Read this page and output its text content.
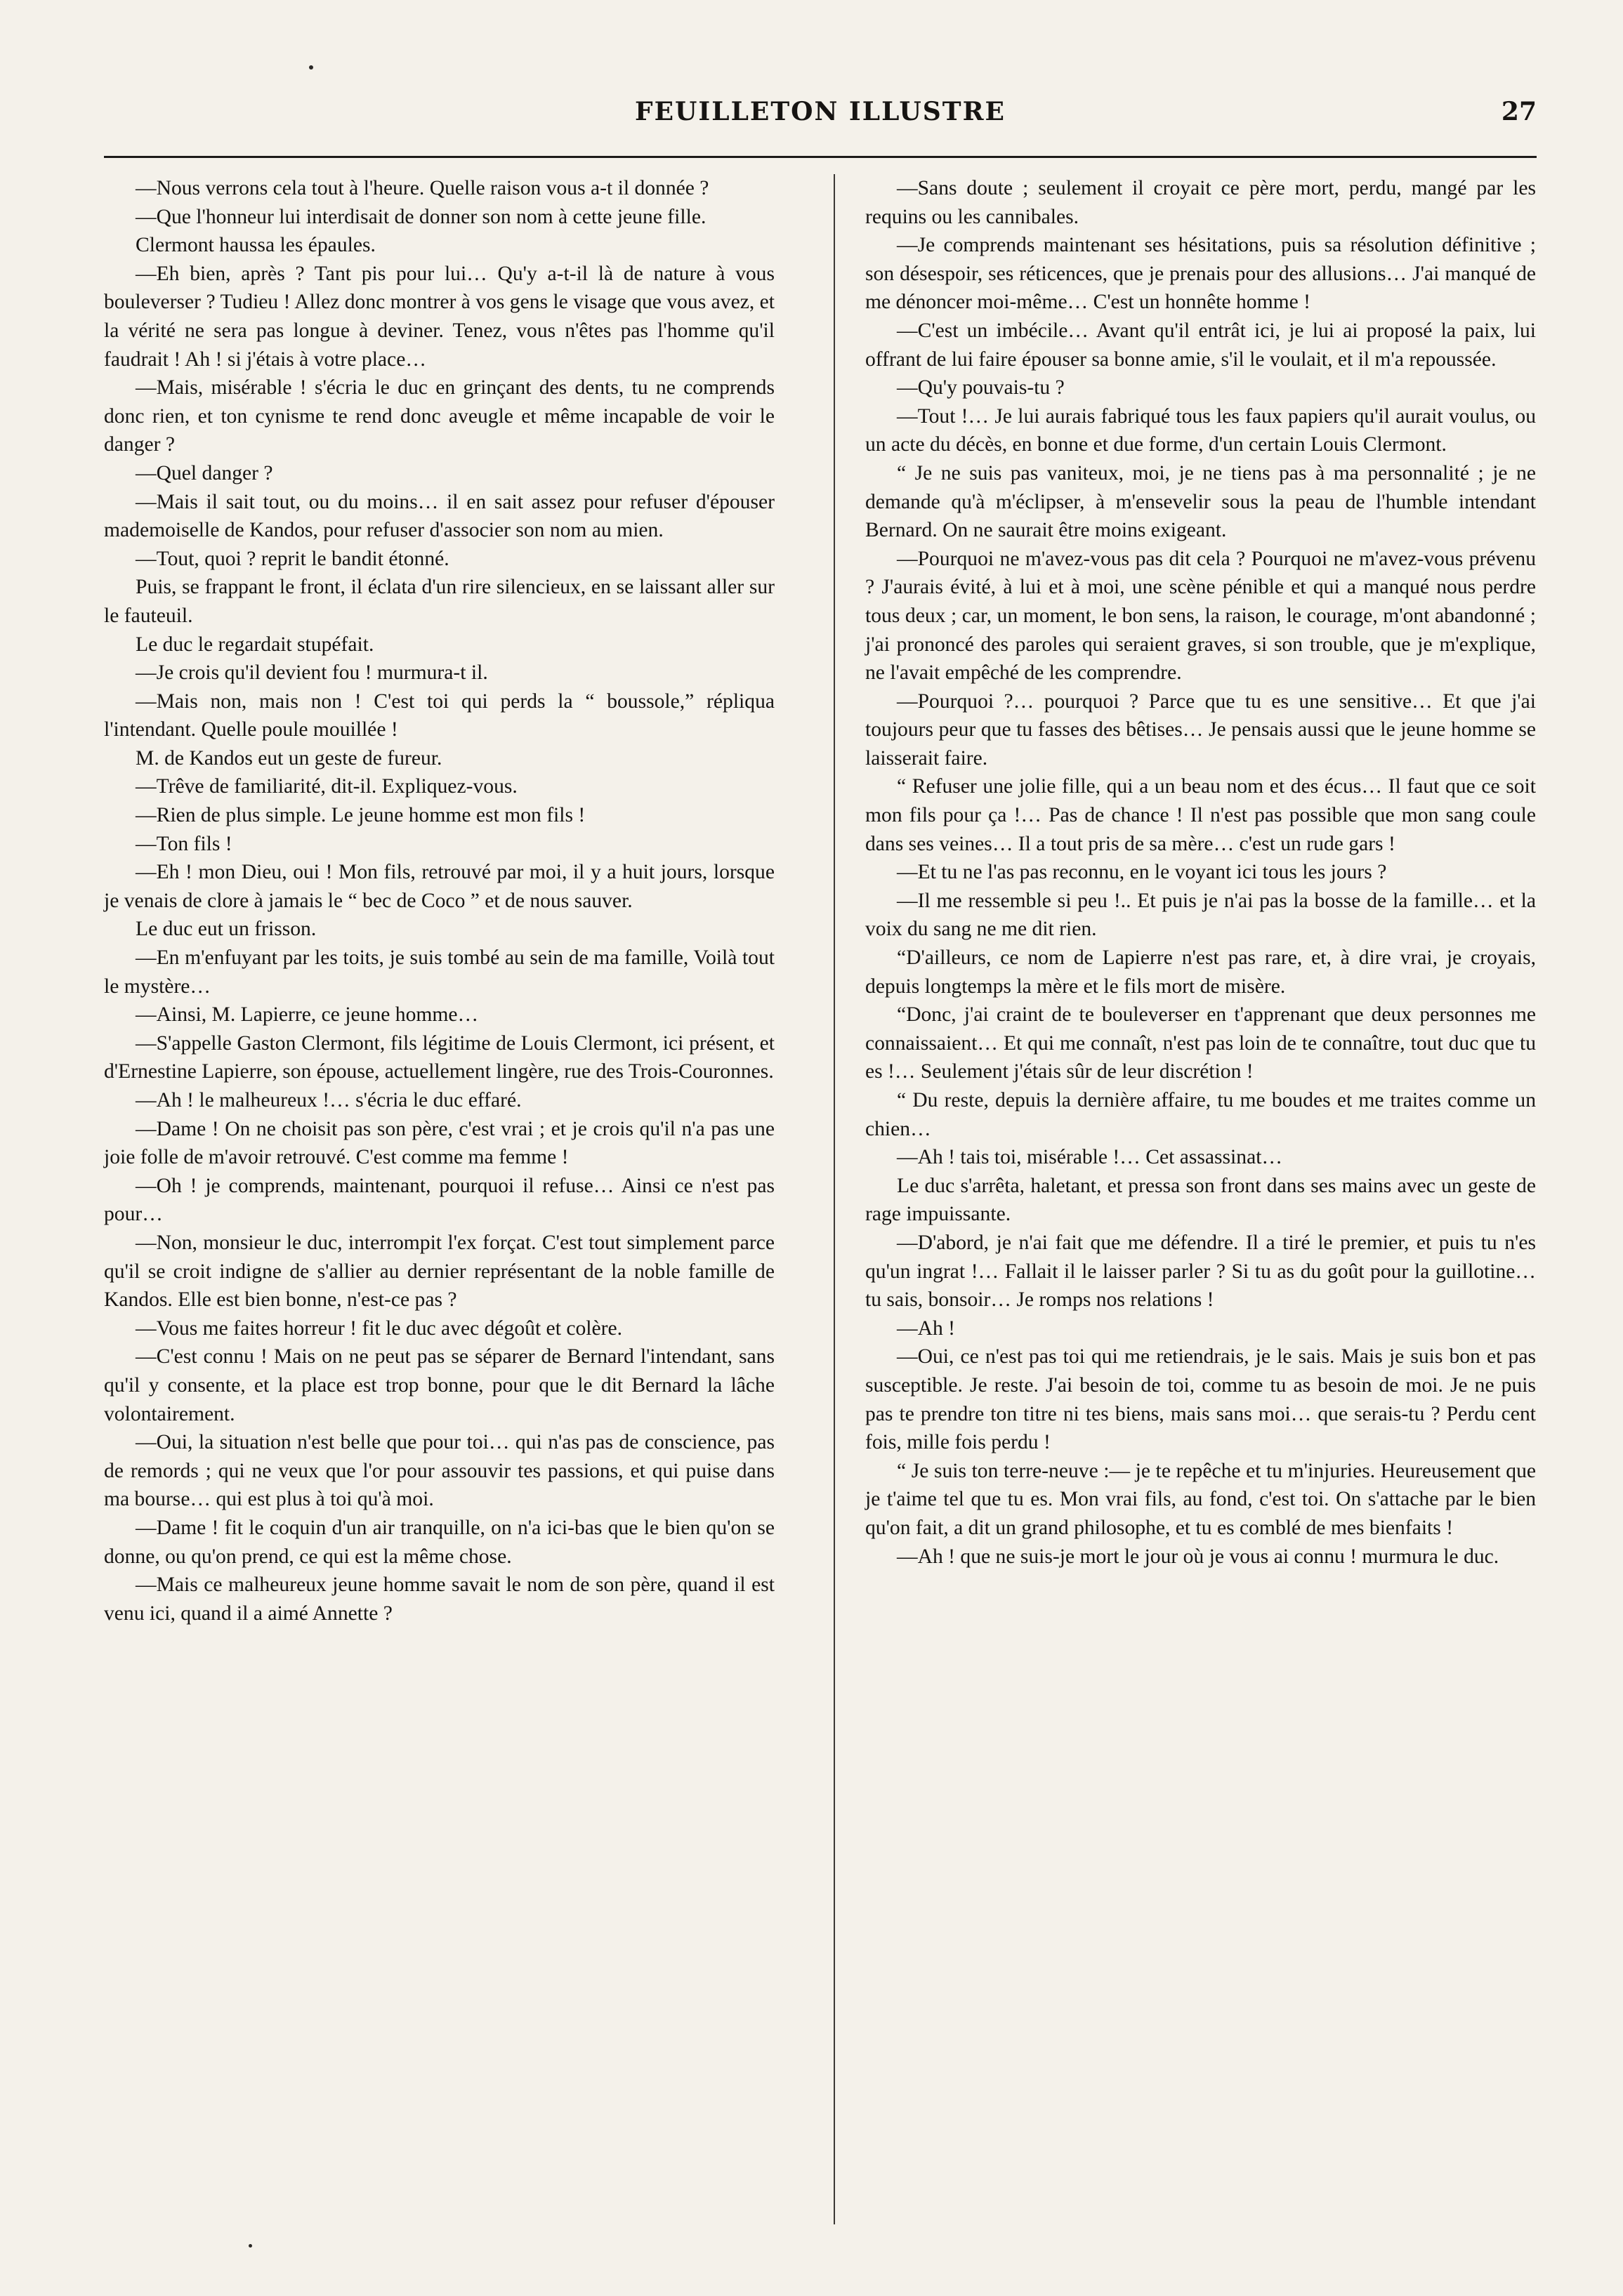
FEUILLETON ILLUSTRE	27

—Nous verrons cela tout à l'heure. Quelle raison vous a-t il donnée ?

—Que l'honneur lui interdisait de donner son nom à cette jeune fille.

Clermont haussa les épaules.

—Eh bien, après ? Tant pis pour lui… Qu'y a-t-il là de nature à vous bouleverser ? Tudieu ! Allez donc montrer à vos gens le visage que vous avez, et la vérité ne sera pas longue à deviner. Tenez, vous n'êtes pas l'homme qu'il faudrait ! Ah ! si j'étais à votre place…

—Mais, misérable ! s'écria le duc en grinçant des dents, tu ne comprends donc rien, et ton cynisme te rend donc aveugle et même incapable de voir le danger ?

—Quel danger ?

—Mais il sait tout, ou du moins… il en sait assez pour refuser d'épouser mademoiselle de Kandos, pour refuser d'associer son nom au mien.

—Tout, quoi ? reprit le bandit étonné.

Puis, se frappant le front, il éclata d'un rire silencieux, en se laissant aller sur le fauteuil.

Le duc le regardait stupéfait.

—Je crois qu'il devient fou ! murmura-t il.

—Mais non, mais non ! C'est toi qui perds la “ boussole,” répliqua l'intendant. Quelle poule mouillée !

M. de Kandos eut un geste de fureur.

—Trêve de familiarité, dit-il. Expliquez-vous.

—Rien de plus simple. Le jeune homme est mon fils !

—Ton fils !

—Eh ! mon Dieu, oui ! Mon fils, retrouvé par moi, il y a huit jours, lorsque je venais de clore à jamais le “ bec de Coco ” et de nous sauver.

Le duc eut un frisson.

—En m'enfuyant par les toits, je suis tombé au sein de ma famille, Voilà tout le mystère…

—Ainsi, M. Lapierre, ce jeune homme…

—S'appelle Gaston Clermont, fils légitime de Louis Clermont, ici présent, et d'Ernestine Lapierre, son épouse, actuellement lingère, rue des Trois-Couronnes.

—Ah ! le malheureux !… s'écria le duc effaré.

—Dame ! On ne choisit pas son père, c'est vrai ; et je crois qu'il n'a pas une joie folle de m'avoir retrouvé. C'est comme ma femme !

—Oh ! je comprends, maintenant, pourquoi il refuse… Ainsi ce n'est pas pour…

—Non, monsieur le duc, interrompit l'ex forçat. C'est tout simplement parce qu'il se croit indigne de s'allier au dernier représentant de la noble famille de Kandos. Elle est bien bonne, n'est-ce pas ?

—Vous me faites horreur ! fit le duc avec dégoût et colère.

—C'est connu ! Mais on ne peut pas se séparer de Bernard l'intendant, sans qu'il y consente, et la place est trop bonne, pour que le dit Bernard la lâche volontairement.

—Oui, la situation n'est belle que pour toi… qui n'as pas de conscience, pas de remords ; qui ne veux que l'or pour assouvir tes passions, et qui puise dans ma bourse… qui est plus à toi qu'à moi.

—Dame ! fit le coquin d'un air tranquille, on n'a ici-bas que le bien qu'on se donne, ou qu'on prend, ce qui est la même chose.

—Mais ce malheureux jeune homme savait le nom de son père, quand il est venu ici, quand il a aimé Annette ?

—Sans doute ; seulement il croyait ce père mort, perdu, mangé par les requins ou les cannibales.

—Je comprends maintenant ses hésitations, puis sa résolution définitive ; son désespoir, ses réticences, que je prenais pour des allusions… J'ai manqué de me dénoncer moi-même… C'est un honnête homme !

—C'est un imbécile… Avant qu'il entrât ici, je lui ai proposé la paix, lui offrant de lui faire épouser sa bonne amie, s'il le voulait, et il m'a repoussée.

—Qu'y pouvais-tu ?

—Tout !… Je lui aurais fabriqué tous les faux papiers qu'il aurait voulus, ou un acte du décès, en bonne et due forme, d'un certain Louis Clermont.

“ Je ne suis pas vaniteux, moi, je ne tiens pas à ma personnalité ; je ne demande qu'à m'éclipser, à m'ensevelir sous la peau de l'humble intendant Bernard. On ne saurait être moins exigeant.

—Pourquoi ne m'avez-vous pas dit cela ? Pourquoi ne m'avez-vous prévenu ? J'aurais évité, à lui et à moi, une scène pénible et qui a manqué nous perdre tous deux ; car, un moment, le bon sens, la raison, le courage, m'ont abandonné ; j'ai prononcé des paroles qui seraient graves, si son trouble, que je m'explique, ne l'avait empêché de les comprendre.

—Pourquoi ?… pourquoi ? Parce que tu es une sensitive… Et que j'ai toujours peur que tu fasses des bêtises… Je pensais aussi que le jeune homme se laisserait faire.

“ Refuser une jolie fille, qui a un beau nom et des écus… Il faut que ce soit mon fils pour ça !… Pas de chance ! Il n'est pas possible que mon sang coule dans ses veines… Il a tout pris de sa mère… c'est un rude gars !

—Et tu ne l'as pas reconnu, en le voyant ici tous les jours ?

—Il me ressemble si peu !.. Et puis je n'ai pas la bosse de la famille… et la voix du sang ne me dit rien.

“D'ailleurs, ce nom de Lapierre n'est pas rare, et, à dire vrai, je croyais, depuis longtemps la mère et le fils mort de misère.

“Donc, j'ai craint de te bouleverser en t'apprenant que deux personnes me connaissaient… Et qui me connaît, n'est pas loin de te connaître, tout duc que tu es !… Seulement j'étais sûr de leur discrétion !

“ Du reste, depuis la dernière affaire, tu me boudes et me traites comme un chien…

—Ah ! tais toi, misérable !… Cet assassinat…

Le duc s'arrêta, haletant, et pressa son front dans ses mains avec un geste de rage impuissante.

—D'abord, je n'ai fait que me défendre. Il a tiré le premier, et puis tu n'es qu'un ingrat !… Fallait il le laisser parler ? Si tu as du goût pour la guillotine… tu sais, bonsoir… Je romps nos relations !

—Ah !

—Oui, ce n'est pas toi qui me retiendrais, je le sais. Mais je suis bon et pas susceptible. Je reste. J'ai besoin de toi, comme tu as besoin de moi. Je ne puis pas te prendre ton titre ni tes biens, mais sans moi… que serais-tu ? Perdu cent fois, mille fois perdu !

“ Je suis ton terre-neuve :— je te repêche et tu m'injuries. Heureusement que je t'aime tel que tu es. Mon vrai fils, au fond, c'est toi. On s'attache par le bien qu'on fait, a dit un grand philosophe, et tu es comblé de mes bienfaits !

—Ah ! que ne suis-je mort le jour où je vous ai connu ! murmura le duc.
